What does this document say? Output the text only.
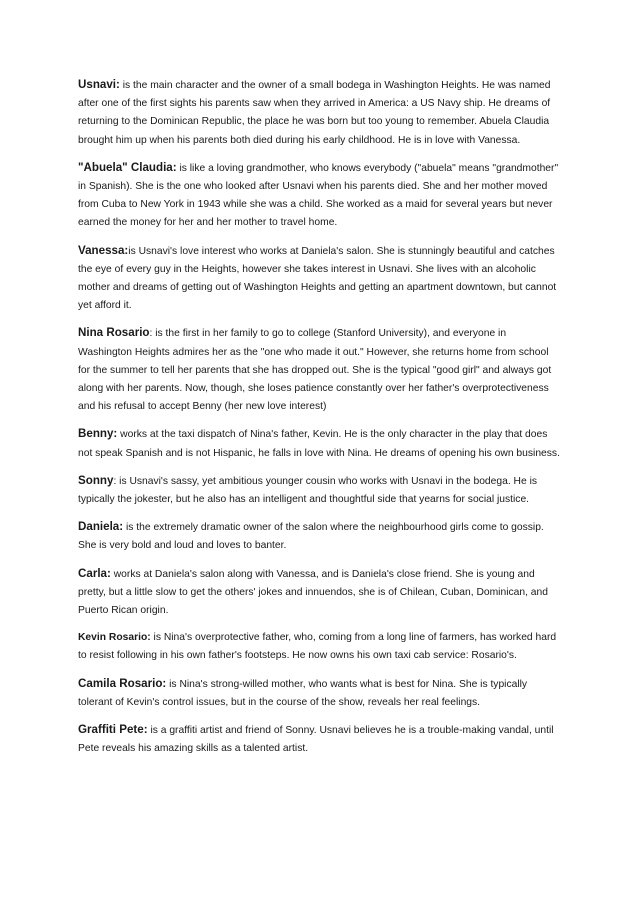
Usnavi: is the main character and the owner of a small bodega in Washington Heights. He was named after one of the first sights his parents saw when they arrived in America: a US Navy ship. He dreams of returning to the Dominican Republic, the place he was born but too young to remember. Abuela Claudia brought him up when his parents both died during his early childhood. He is in love with Vanessa.

"Abuela" Claudia: is like a loving grandmother, who knows everybody ("abuela" means "grandmother" in Spanish). She is the one who looked after Usnavi when his parents died. She and her mother moved from Cuba to New York in 1943 while she was a child. She worked as a maid for several years but never earned the money for her and her mother to travel home.

Vanessa:is Usnavi's love interest who works at Daniela's salon. She is stunningly beautiful and catches the eye of every guy in the Heights, however she takes interest in Usnavi. She lives with an alcoholic mother and dreams of getting out of Washington Heights and getting an apartment downtown, but cannot yet afford it.

Nina Rosario: is the first in her family to go to college (Stanford University), and everyone in Washington Heights admires her as the "one who made it out." However, she returns home from school for the summer to tell her parents that she has dropped out. She is the typical "good girl" and always got along with her parents. Now, though, she loses patience constantly over her father's overprotectiveness and his refusal to accept Benny (her new love interest)

Benny: works at the taxi dispatch of Nina's father, Kevin. He is the only character in the play that does not speak Spanish and is not Hispanic, he falls in love with Nina. He dreams of opening his own business.

Sonny: is Usnavi's sassy, yet ambitious younger cousin who works with Usnavi in the bodega. He is typically the jokester, but he also has an intelligent and thoughtful side that yearns for social justice.

Daniela: is the extremely dramatic owner of the salon where the neighbourhood girls come to gossip. She is very bold and loud and loves to banter.

Carla: works at Daniela's salon along with Vanessa, and is Daniela's close friend. She is young and pretty, but a little slow to get the others' jokes and innuendos, she is of Chilean, Cuban, Dominican, and Puerto Rican origin.

Kevin Rosario: is Nina's overprotective father, who, coming from a long line of farmers, has worked hard to resist following in his own father's footsteps. He now owns his own taxi cab service: Rosario's.

Camila Rosario: is Nina's strong-willed mother, who wants what is best for Nina. She is typically tolerant of Kevin's control issues, but in the course of the show, reveals her real feelings.

Graffiti Pete: is a graffiti artist and friend of Sonny. Usnavi believes he is a trouble-making vandal, until Pete reveals his amazing skills as a talented artist.
